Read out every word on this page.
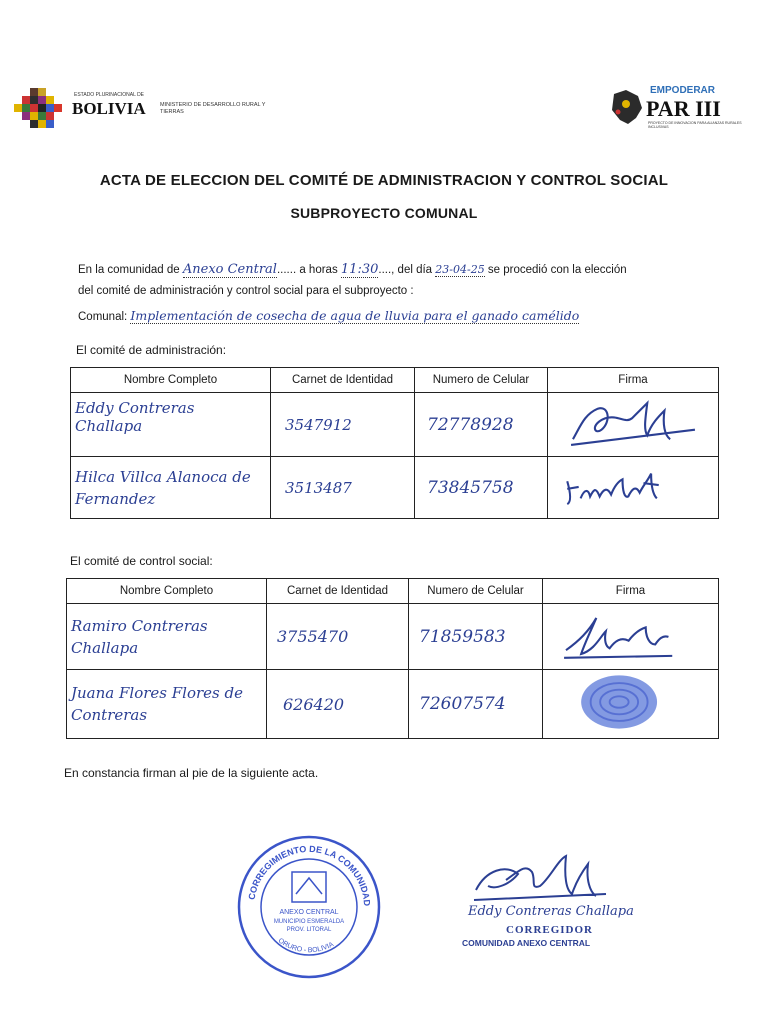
ESTADO PLURINACIONAL DE
BOLIVIA	MINISTERIO DE DESARROLLO RURAL Y TIERRAS
EMPODERAR
PAR III
PROYECTO DE INNOVACION PARA ALIANZAS RURALES INCLUSIVAS
ACTA DE ELECCION DEL COMITÉ DE ADMINISTRACION Y CONTROL SOCIAL
SUBPROYECTO COMUNAL
En la comunidad de Anexo Central...... a horas 11:30...., del día 23-04-25 se procedió con la elección
del comité de administración y control social para el subproyecto :
Comunal: Implementación de cosecha de agua de lluvia para el ganado camélido
El comité de administración:
Nombre Completo	Carnet de Identidad	Numero de Celular	Firma
Eddy Contreras Challapa	3547912	72778928	
Hilca Villca Alanoca de Fernandez	3513487	73845758	
El comité de control social:
Nombre Completo	Carnet de Identidad	Numero de Celular	Firma
Ramiro Contreras Challapa	3755470	71859583	
Juana Flores Flores de Contreras	626420	72607574	
En constancia firman al pie de la siguiente acta.
CORREGIMIENTO DE LA COMUNIDAD
ORURO - BOLIVIA
ANEXO CENTRAL
MUNICIPIO ESMERALDA
PROV. LITORAL
Eddy Contreras Challapa
CORREGIDOR
COMUNIDAD ANEXO CENTRAL
